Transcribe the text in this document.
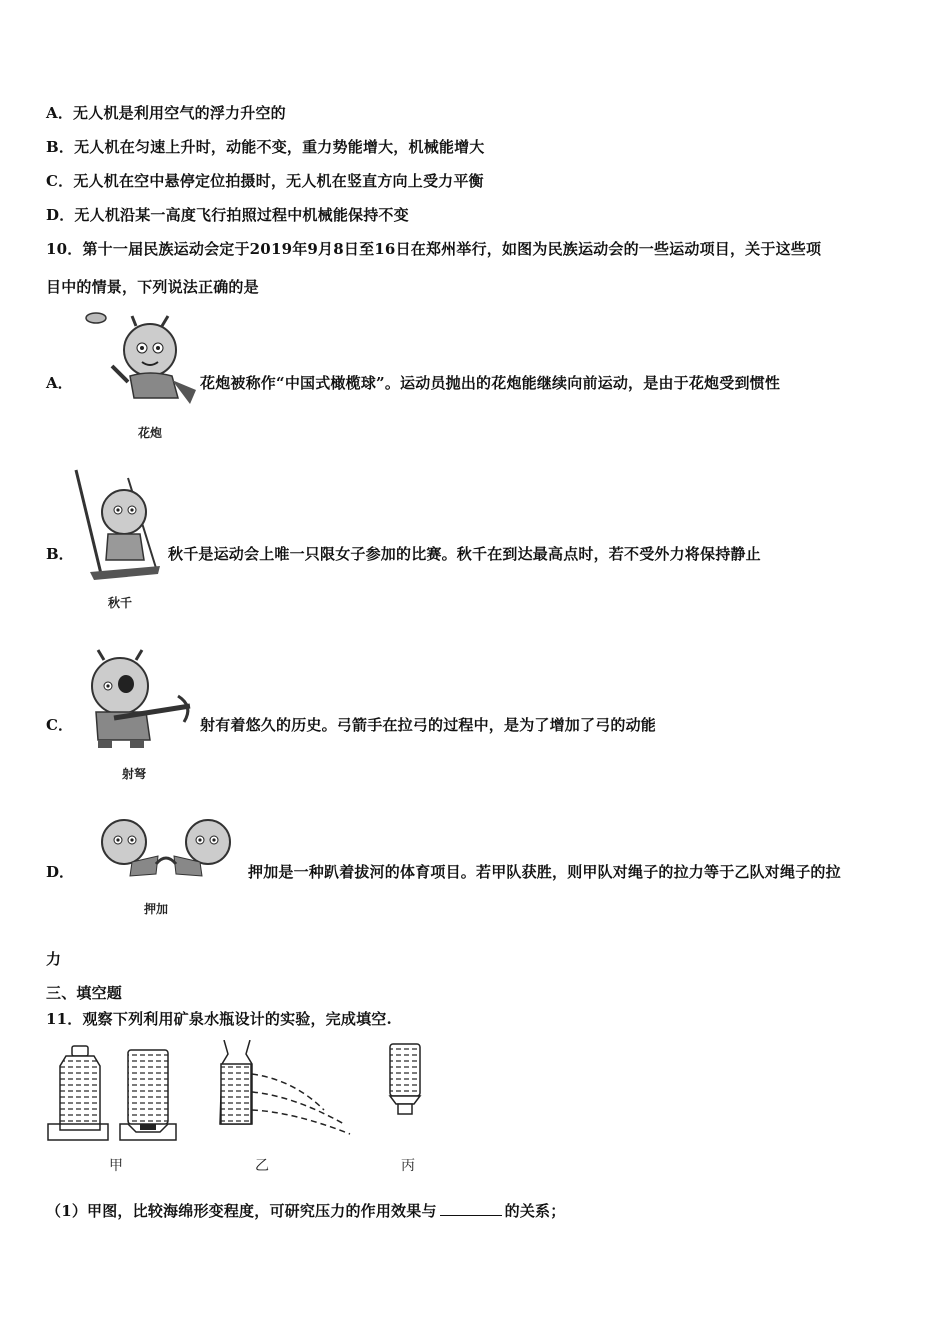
A．无人机是利用空气的浮力升空的
B．无人机在匀速上升时，动能不变，重力势能增大，机械能增大
C．无人机在空中悬停定位拍摄时，无人机在竖直方向上受力平衡
D．无人机沿某一高度飞行拍照过程中机械能保持不变
10．第十一届民族运动会定于2019年9月8日至16日在郑州举行，如图为民族运动会的一些运动项目，关于这些项
目中的情景，下列说法正确的是
A．
花炮
花炮被称作“中国式橄榄球”。运动员抛出的花炮能继续向前运动，是由于花炮受到惯性
B．
秋千
秋千是运动会上唯一只限女子参加的比赛。秋千在到达最高点时，若不受外力将保持静止
C．
射弩
射有着悠久的历史。弓箭手在拉弓的过程中，是为了增加了弓的动能
D．
押加
押加是一种趴着拔河的体育项目。若甲队获胜，则甲队对绳子的拉力等于乙队对绳子的拉
力
三、填空题
11．观察下列利用矿泉水瓶设计的实验，完成填空.
甲	乙	丙
（1）甲图，比较海绵形变程度，可研究压力的作用效果与	的关系；
